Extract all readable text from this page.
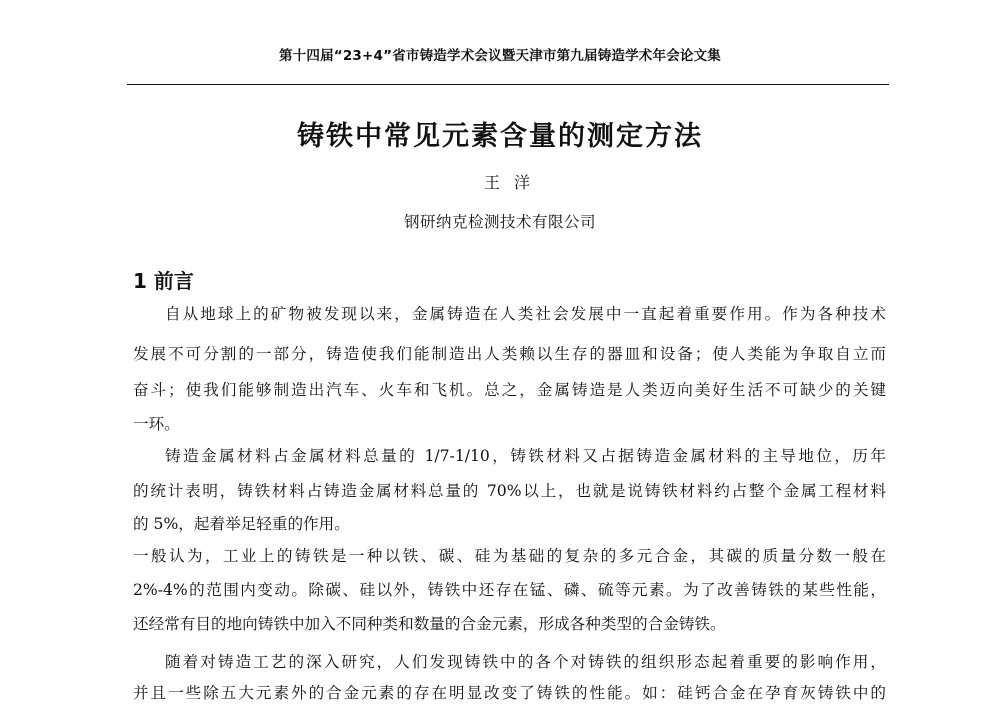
第十四届“23+4”省市铸造学术会议暨天津市第九届铸造学术年会论文集
铸铁中常见元素含量的测定方法
王洋
钢研纳克检测技术有限公司
1 前言
自从地球上的矿物被发现以来，金属铸造在人类社会发展中一直起着重要作用。作为各种技术
发展不可分割的一部分，铸造使我们能制造出人类赖以生存的器皿和设备；使人类能为争取自立而
奋斗；使我们能够制造出汽车、火车和飞机。总之，金属铸造是人类迈向美好生活不可缺少的关键
一环。
铸造金属材料占金属材料总量的 1/7-1/10，铸铁材料又占据铸造金属材料的主导地位，历年
的统计表明，铸铁材料占铸造金属材料总量的 70%以上，也就是说铸铁材料约占整个金属工程材料
的 5%，起着举足轻重的作用。
一般认为，工业上的铸铁是一种以铁、碳、硅为基础的复杂的多元合金，其碳的质量分数一般在
2%-4%的范围内变动。除碳、硅以外，铸铁中还存在锰、磷、硫等元素。为了改善铸铁的某些性能，
还经常有目的地向铸铁中加入不同种类和数量的合金元素，形成各种类型的合金铸铁。
随着对铸造工艺的深入研究，人们发现铸铁中的各个对铸铁的组织形态起着重要的影响作用，
并且一些除五大元素外的合金元素的存在明显改变了铸铁的性能。如：硅钙合金在孕育灰铸铁中的
